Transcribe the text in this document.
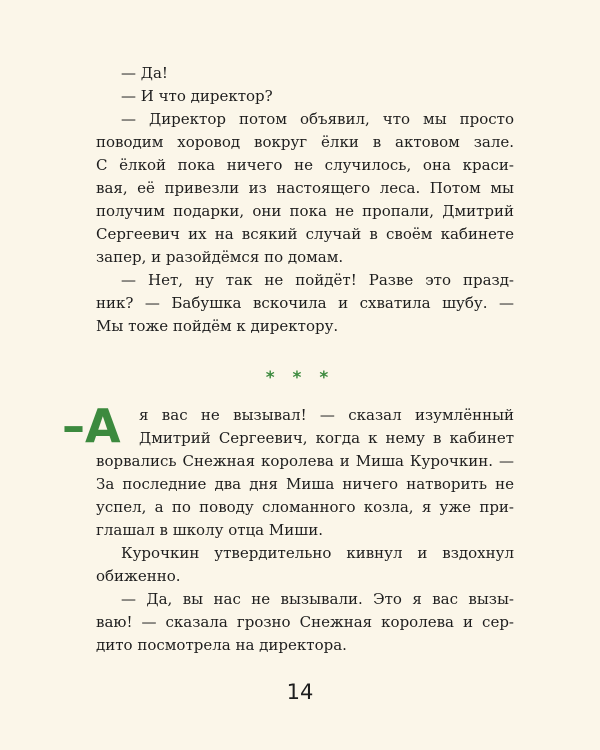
— Да!
— И что директор?
— Директор потом объявил, что мы просто
поводим хоровод вокруг ёлки в актовом зале.
С ёлкой пока ничего не случилось, она краси-
вая, её привезли из настоящего леса. Потом мы
получим подарки, они пока не пропали, Дмитрий
Сергеевич их на всякий случай в своём кабинете
запер, и разойдёмся по домам.
— Нет, ну так не пойдёт! Разве это празд-
ник? — Бабушка вскочила и схватила шубу. —
Мы тоже пойдём к директору.
* * *
–А	я вас не вызывал! — сказал изумлённый
Дмитрий Сергеевич, когда к нему в кабинет
ворвались Снежная королева и Миша Курочкин. —
За последние два дня Миша ничего натворить не
успел, а по поводу сломанного козла, я уже при-
глашал в школу отца Миши.
Курочкин утвердительно кивнул и вздохнул
обиженно.
— Да, вы нас не вызывали. Это я вас вызы-
ваю! — сказала грозно Снежная королева и сер-
дито посмотрела на директора.
14
